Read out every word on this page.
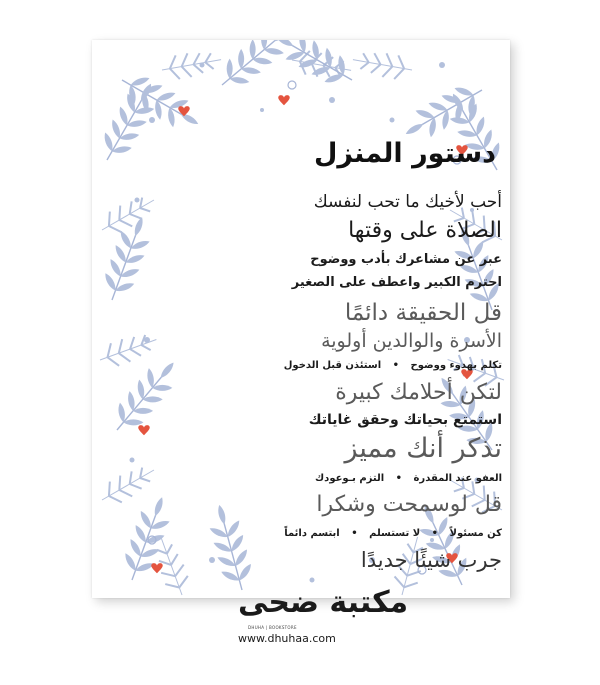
دستور المنزل
أحب لأخيك ما تحب لنفسك
الصلاة على وقتها
عبر عن مشاعرك بأدب ووضوح
احترم الكبير واعطف على الصغير
قل الحقيقة دائمًا
الأسرة والوالدين أولوية
تكلم بهدوء ووضوح • استئذن قبل الدخول
لتكن أحلامك كبيرة
استمتع بحياتك وحقق غاياتك
تذكر أنك مميز
العفو عند المقدرة • التزم بـوعودك
قل لوسمحت وشكرا
كن مسئولاً • لا تستسلم • ابتسم دائماً
جرب شيئًا جديدًا
مكتبة ضحى
DHUHA | BOOKSTORE
www.dhuhaa.com
